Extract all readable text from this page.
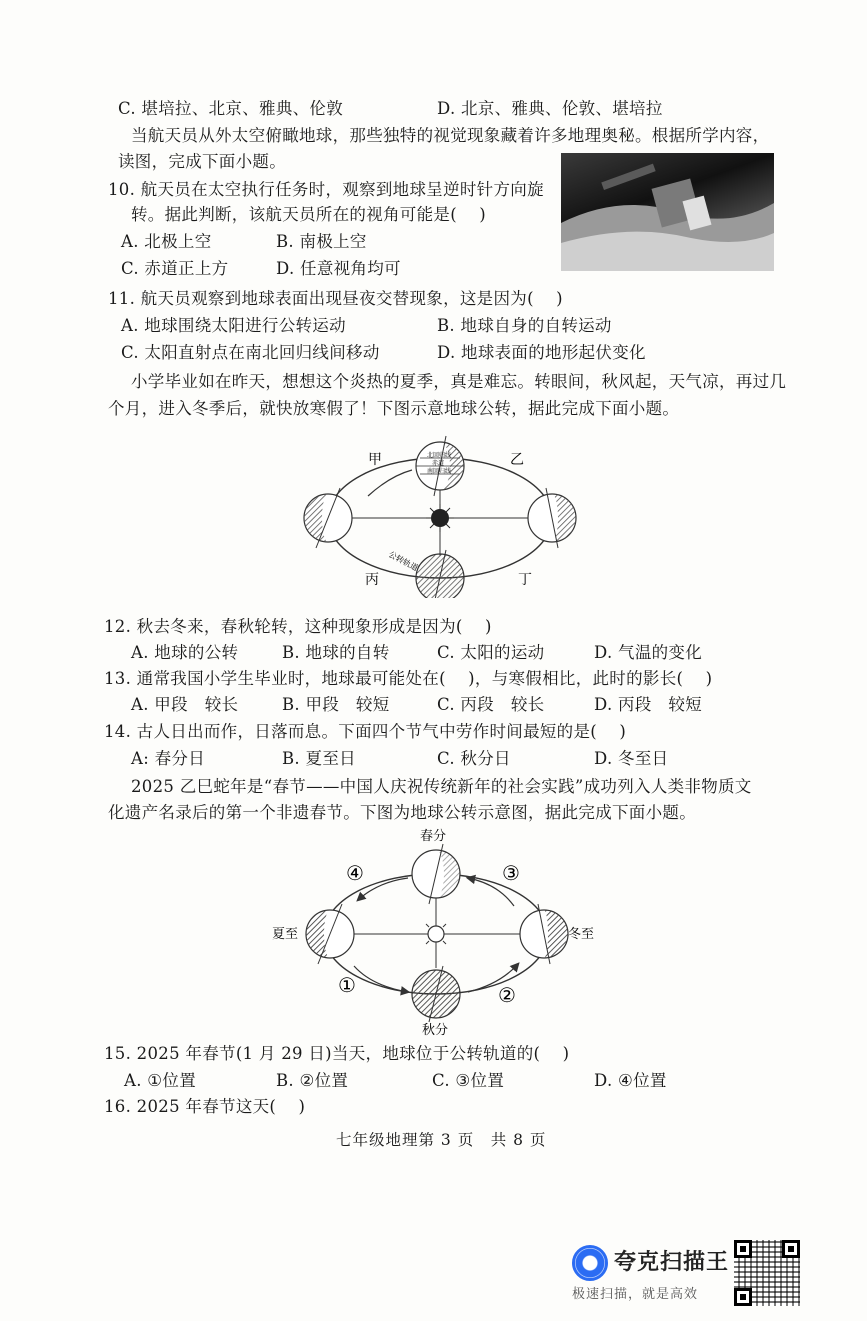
C. 堪培拉、北京、雅典、伦敦	D. 北京、雅典、伦敦、堪培拉
当航天员从外太空俯瞰地球，那些独特的视觉现象藏着许多地理奥秘。根据所学内容，
读图，完成下面小题。
10. 航天员在太空执行任务时，观察到地球呈逆时针方向旋
转。据此判断，该航天员所在的视角可能是(　 )
A. 北极上空	B. 南极上空
C. 赤道正上方	D. 任意视角均可
11. 航天员观察到地球表面出现昼夜交替现象，这是因为(　 )
A. 地球围绕太阳进行公转运动	B. 地球自身的自转运动
C. 太阳直射点在南北回归线间移动	D. 地球表面的地形起伏变化
小学毕业如在昨天，想想这个炎热的夏季，真是难忘。转眼间，秋风起，天气凉，再过几
个月，进入冬季后，就快放寒假了！下图示意地球公转，据此完成下面小题。
北回归线
赤道
南回归线
甲	乙
丙	丁
公转轨道
12. 秋去冬来，春秋轮转，这种现象形成是因为(　 )
A. 地球的公转	B. 地球的自转	C. 太阳的运动	D. 气温的变化
13. 通常我国小学生毕业时，地球最可能处在(　 )，与寒假相比，此时的影长(　 )
A. 甲段　较长	B. 甲段　较短	C. 丙段　较长	D. 丙段　较短
14. 古人日出而作，日落而息。下面四个节气中劳作时间最短的是(　 )
A: 春分日	B. 夏至日	C. 秋分日	D. 冬至日
2025 乙巳蛇年是“春节——中国人庆祝传统新年的社会实践”成功列入人类非物质文
化遗产名录后的第一个非遗春节。下图为地球公转示意图，据此完成下面小题。
春分
夏至
秋分
冬至
④	③
①	②
15. 2025 年春节(1 月 29 日)当天，地球位于公转轨道的(　 )
A. ①位置	B. ②位置	C. ③位置	D. ④位置
16. 2025 年春节这天(　 )
七年级地理第 3 页　共 8 页
夸克扫描王
极速扫描，就是高效
